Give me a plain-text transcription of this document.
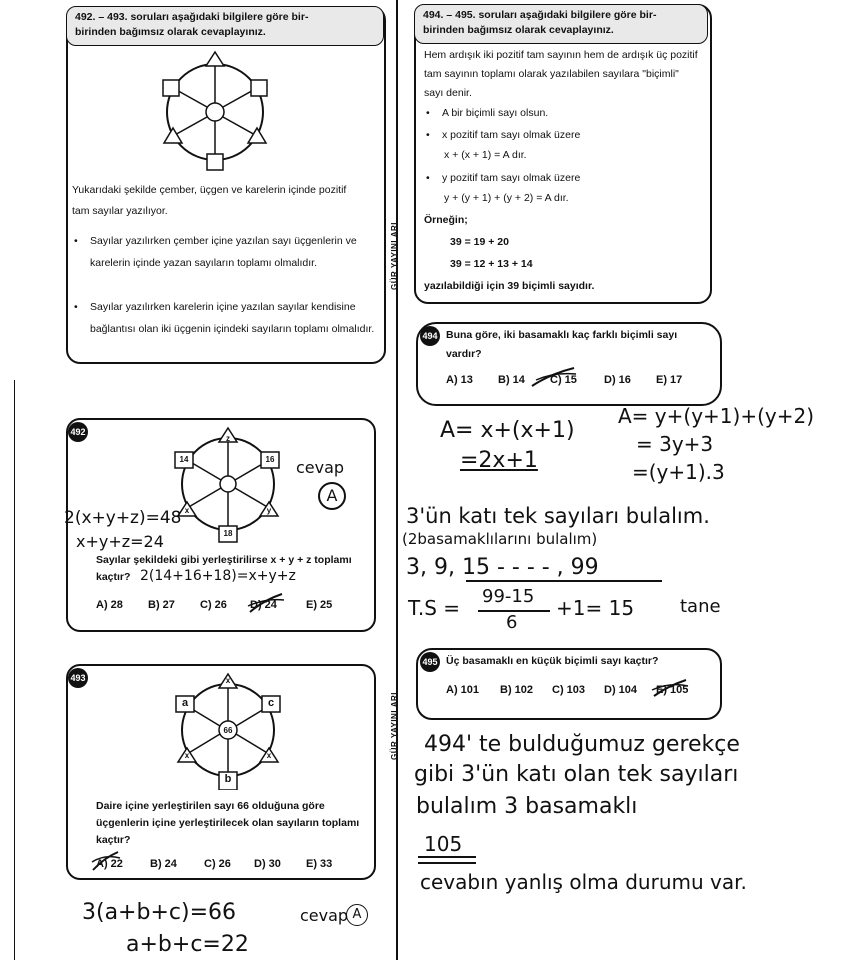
492. – 493. soruları aşağıdaki bilgilere göre bir-
birinden bağımsız olarak cevaplayınız.
Yukarıdaki şekilde çember, üçgen ve karelerin içinde pozitif tam sayılar yazılıyor.
• Sayılar yazılırken çember içine yazılan sayı üçgenlerin ve karelerin içinde yazan sayıların toplamı olmalıdır.
• Sayılar yazılırken karelerin içine yazılan sayılar kendisine bağlantısı olan iki üçgenin içindeki sayıların toplamı olmalıdır.
492
z
14	16
x	y
18
Sayılar şekildeki gibi yerleştirilirse x + y + z toplamı kaçtır?
A) 28 B) 27 C) 26 D) 24	E) 25
2(x+y+z)=48
x+y+z=24
2(14+16+18)=x+y+z
cevap
A
493	x
a	c
66
x	x
b
Daire içine yerleştirilen sayı 66 olduğuna göre üçgenlerin içine yerleştirilecek olan sayıların toplamı kaçtır?
A) 22 B) 24 C) 26 D) 30 E) 33
3(a+b+c)=66
a+b+c=22
cevap A
GÜR YAYINLARI
GÜR YAYINLARI
494. – 495. soruları aşağıdaki bilgilere göre bir-
birinden bağımsız olarak cevaplayınız.
Hem ardışık iki pozitif tam sayının hem de ardışık üç pozitif tam sayının toplamı olarak yazılabilen sayılara "biçimli" sayı denir.
• A bir biçimli sayı olsun.
• x pozitif tam sayı olmak üzere
x + (x + 1) = A dır.
• y pozitif tam sayı olmak üzere
y + (y + 1) + (y + 2) = A dır.
Örneğin;
39 = 19 + 20
39 = 12 + 13 + 14
yazılabildiği için 39 biçimli sayıdır.
494 Buna göre, iki basamaklı kaç farklı biçimli sayı vardır?
A) 13 B) 14 C) 15 D) 16 E) 17
A= x+(x+1)
=2x+1
A= y+(y+1)+(y+2)
= 3y+3
=(y+1).3
3'ün katı tek sayıları bulalım.
(2basamaklılarını bulalım)
3, 9, 15 - - - - , 99
T.S = 99-15
6
+1= 15	tane
495 Üç basamaklı en küçük biçimli sayı kaçtır?
A) 101 B) 102 C) 103 D) 104 E) 105
494' te bulduğumuz gerekçe
gibi 3'ün katı olan tek sayıları
bulalım 3 basamaklı
105
cevabın yanlış olma durumu var.
